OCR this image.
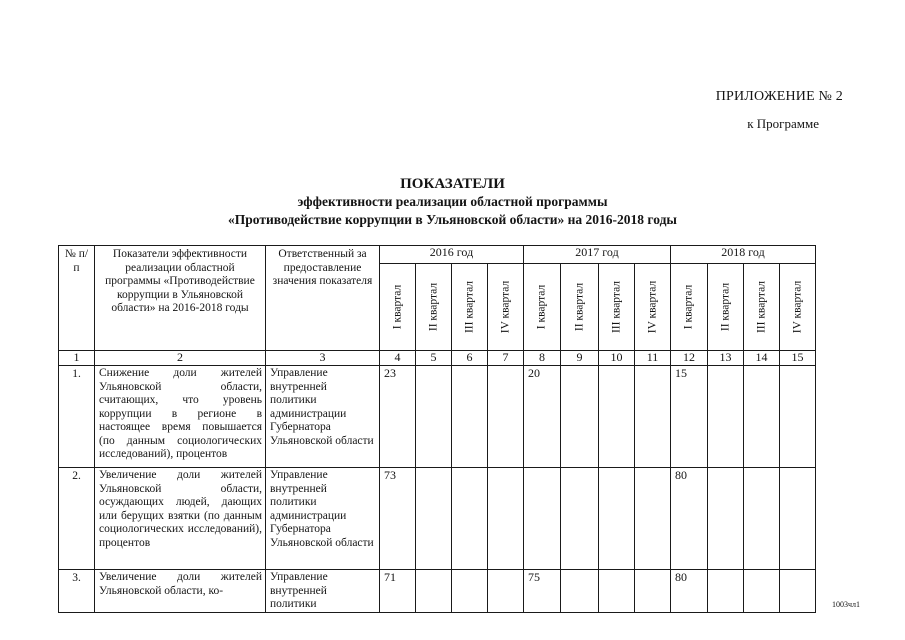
ПРИЛОЖЕНИЕ № 2
к Программе
ПОКАЗАТЕЛИ
эффективности реализации областной программы
«Противодействие коррупции в Ульяновской области» на 2016-2018 годы
№ п/п	Показатели эффективности реализации областной программы «Противодействие коррупции в Ульяновской области» на 2016-2018 годы	Ответственный за предоставление значения показателя	2016 год				2017 год				2018 год			

			I квартал	II квартал	III квартал	IV квартал	I квартал	II квартал	III квартал	IV квартал	I квартал	II квартал	III квартал	IV квартал

1	2	3	4	5	6	7	8	9	10	11	12	13	14	15
1.	Снижение доли жителей Ульяновской области, считающих, что уровень коррупции в регионе в настоящее время повышается (по данным социологических исследований), процентов	Управление внутренней политики администрации Губернатора Ульяновской области	23				20				15			
2.	Увеличение доли жителей Ульяновской области, осуждающих людей, дающих или берущих взятки (по данным социологических исследований), процентов	Управление внутренней политики администрации Губернатора Ульяновской области	73								80			
3.	Увеличение доли жителей Ульяновской области, ко-	Управление внутренней политики	71				75				80			
1003чл1
